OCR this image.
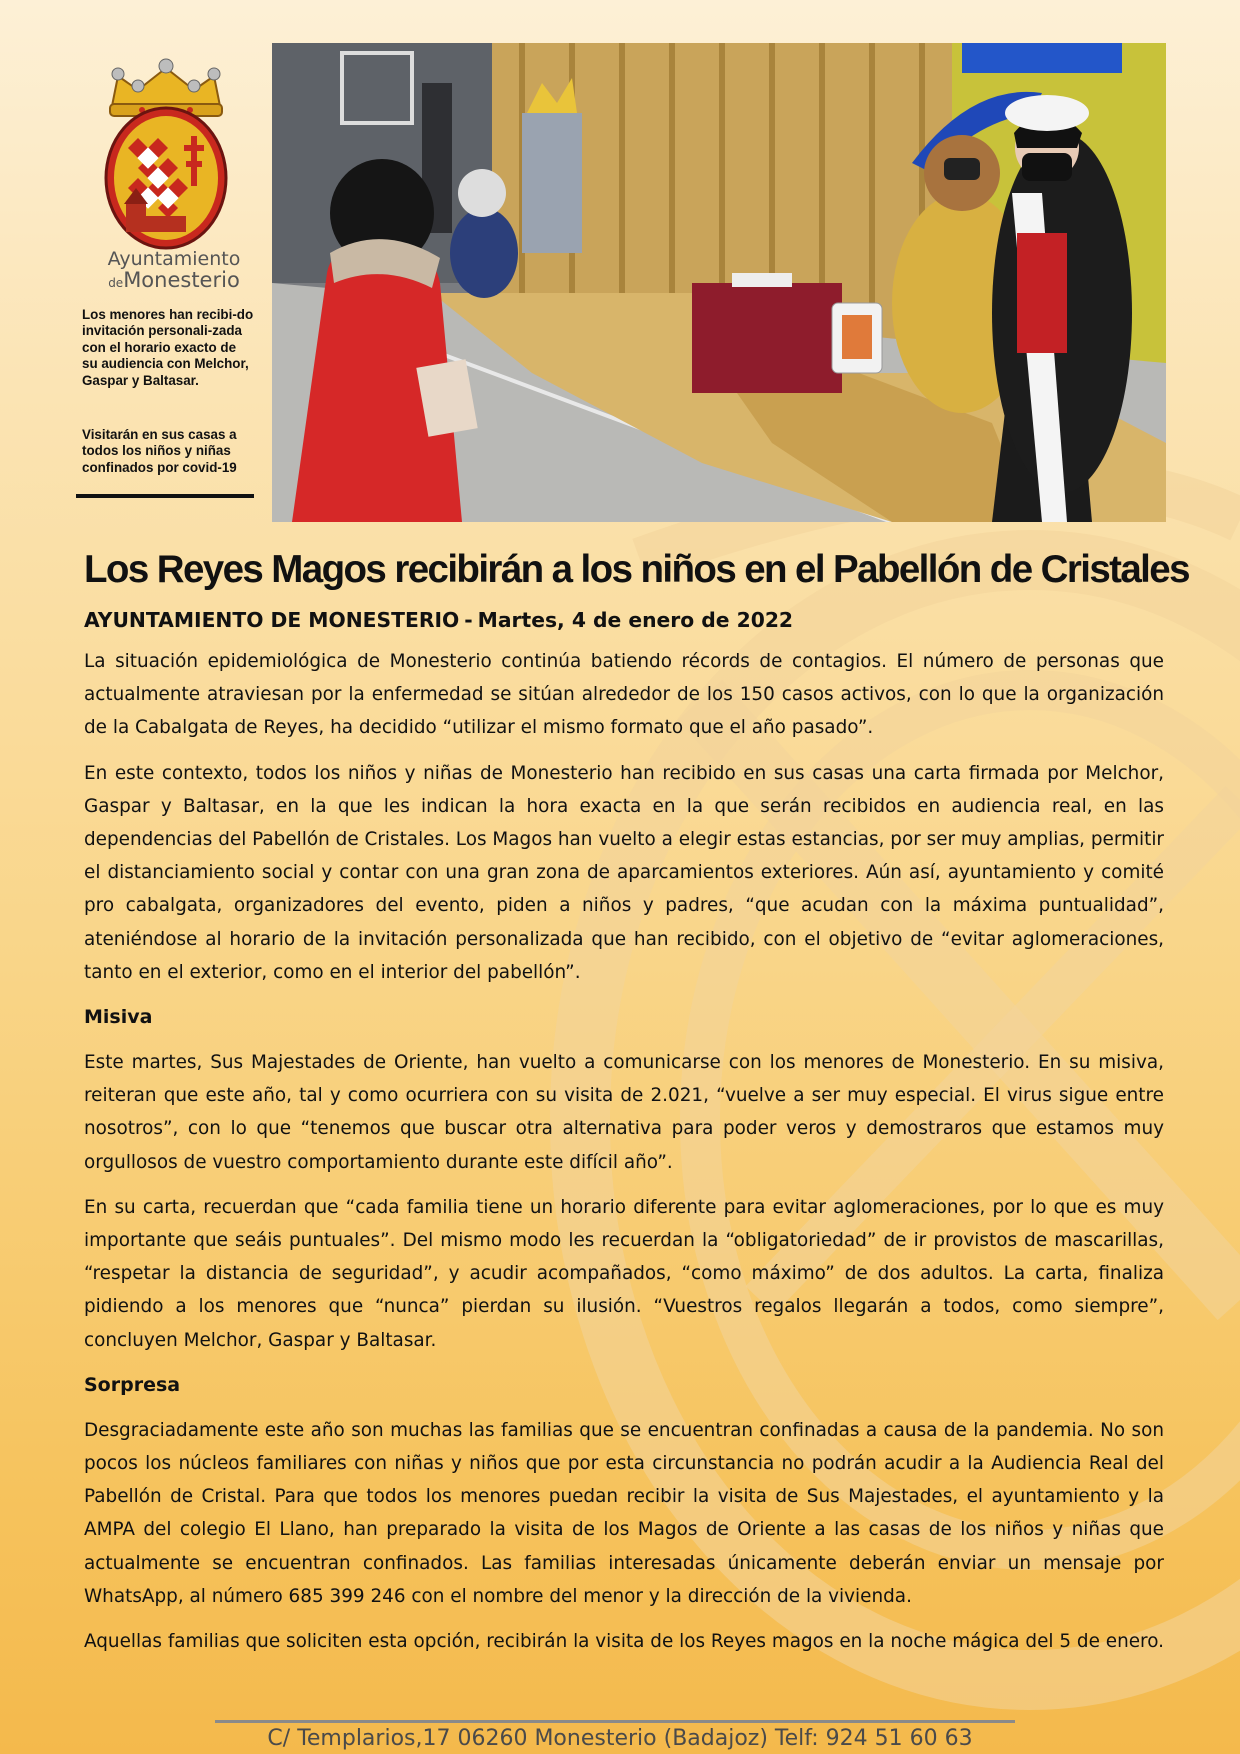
Ayuntamiento
deMonesterio

Los menores han recibi-do invitación personali-zada con el horario exacto de su audiencia con Melchor, Gaspar y Baltasar.

Visitarán en sus casas a todos los niños y niñas confinados por covid-19

Los Reyes Magos recibirán a los niños en el Pabellón de Cristales
AYUNTAMIENTO DE MONESTERIO - Martes, 4 de enero de 2022

La situación epidemiológica de Monesterio continúa batiendo récords de contagios. El número de personas que actualmente atraviesan por la enfermedad se sitúan alrededor de los 150 casos activos, con lo que la organización de la Cabalgata de Reyes, ha decidido “utilizar el mismo formato que el año pasado”.

En este contexto, todos los niños y niñas de Monesterio han recibido en sus casas una carta firmada por Melchor, Gaspar y Baltasar, en la que les indican la hora exacta en la que serán recibidos en audiencia real, en las dependencias del Pabellón de Cristales. Los Magos han vuelto a elegir estas estancias, por ser muy amplias, permitir el distanciamiento social y contar con una gran zona de aparcamientos exteriores. Aún así, ayuntamiento y comité pro cabalgata, organizadores del evento, piden a niños y padres, “que acudan con la máxima puntualidad”, ateniéndose al horario de la invitación personalizada que han recibido, con el objetivo de “evitar aglomeraciones, tanto en el exterior, como en el interior del pabellón”.

Misiva

Este martes, Sus Majestades de Oriente, han vuelto a comunicarse con los menores de Monesterio. En su misiva, reiteran que este año, tal y como ocurriera con su visita de 2.021, “vuelve a ser muy especial. El virus sigue entre nosotros”, con lo que “tenemos que buscar otra alternativa para poder veros y demostraros que estamos muy orgullosos de vuestro comportamiento durante este difícil año”.

En su carta, recuerdan que “cada familia tiene un horario diferente para evitar aglomeraciones, por lo que es muy importante que seáis puntuales”. Del mismo modo les recuerdan la “obligatoriedad” de ir provistos de mascarillas, “respetar la distancia de seguridad”, y acudir acompañados, “como máximo” de dos adultos. La carta, finaliza pidiendo a los menores que “nunca” pierdan su ilusión. “Vuestros regalos llegarán a todos, como siempre”, concluyen Melchor, Gaspar y Baltasar.

Sorpresa

Desgraciadamente este año son muchas las familias que se encuentran confinadas a causa de la pandemia. No son pocos los núcleos familiares con niñas y niños que por esta circunstancia no podrán acudir a la Audiencia Real del Pabellón de Cristal. Para que todos los menores puedan recibir la visita de Sus Majestades, el ayuntamiento y la AMPA del colegio El Llano, han preparado la visita de los Magos de Oriente a las casas de los niños y niñas que actualmente se encuentran confinados. Las familias interesadas únicamente deberán enviar un mensaje por WhatsApp, al número 685 399 246 con el nombre del menor y la dirección de la vivienda.

Aquellas familias que soliciten esta opción, recibirán la visita de los Reyes magos en la noche mágica del 5 de enero.

C/ Templarios,17 06260 Monesterio (Badajoz) Telf: 924 51 60 63
